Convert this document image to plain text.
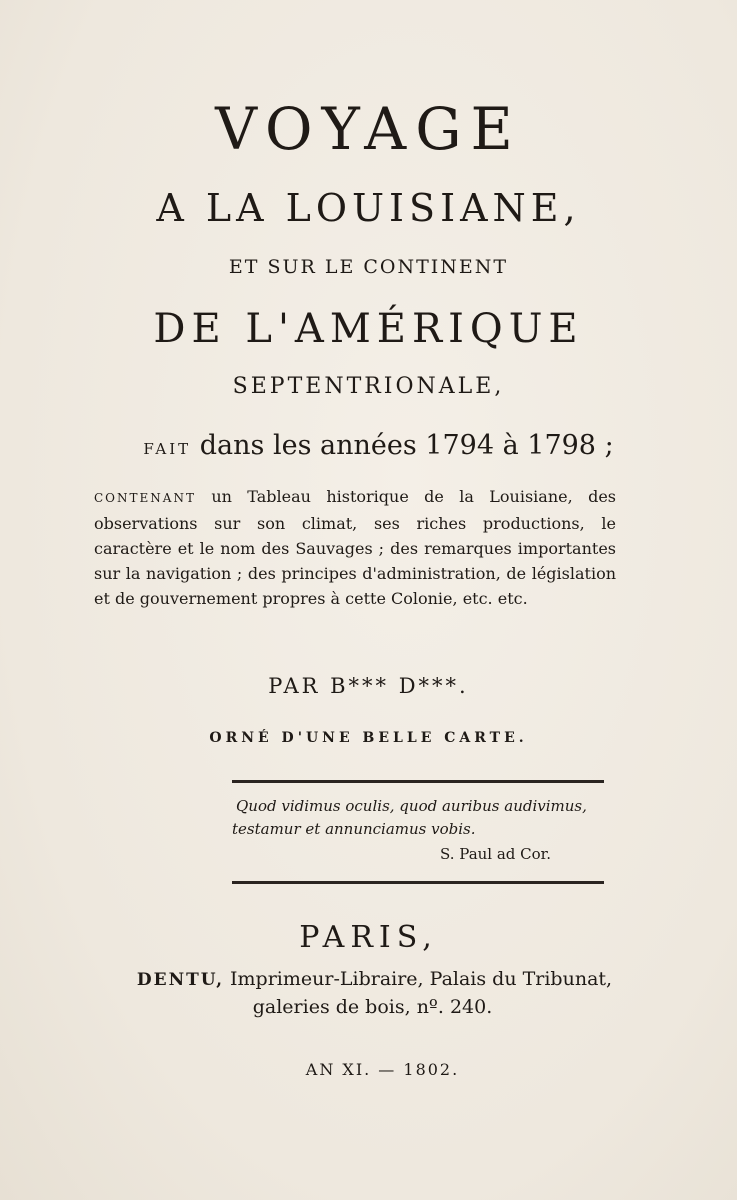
VOYAGE
A LA LOUISIANE,
ET SUR LE CONTINENT
DE L'AMÉRIQUE
SEPTENTRIONALE,
FAIT dans les années 1794 à 1798 ;
CONTENANT un Tableau historique de la Louisiane, des observations sur son climat, ses riches productions, le caractère et le nom des Sauvages ; des remarques importantes sur la navigation ; des principes d'administration, de législation et de gouvernement propres à cette Colonie, etc. etc.
PAR B*** D***.
ORNÉ D'UNE BELLE CARTE.
Quod vidimus oculis, quod auribus audivimus,
testamur et annunciamus vobis.
S. Paul ad Cor.
PARIS,
DENTU, Imprimeur-Libraire, Palais du Tribunat,
galeries de bois, nº. 240.
AN XI. — 1802.
